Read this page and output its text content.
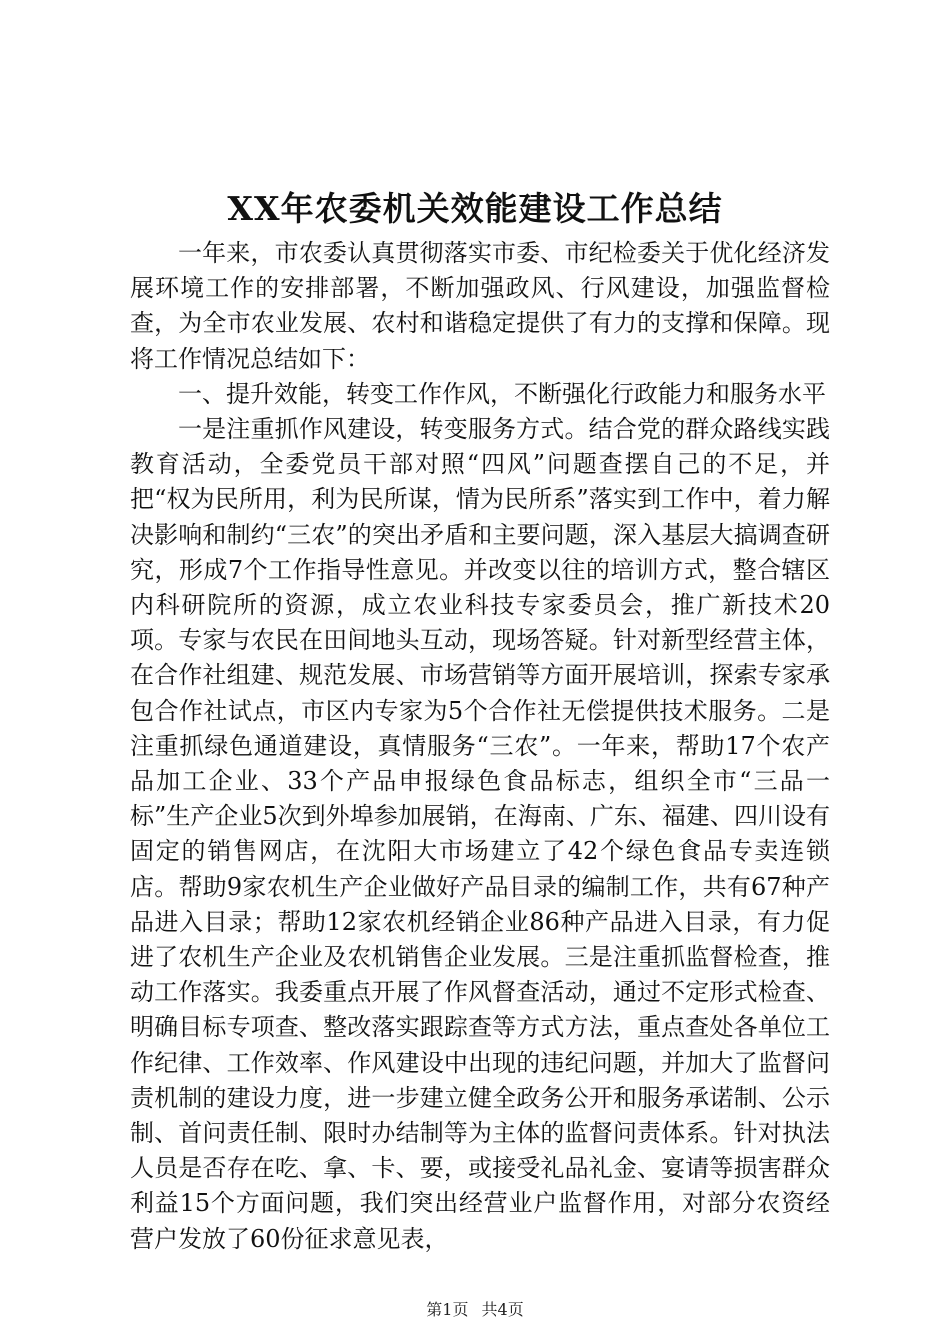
XX年农委机关效能建设工作总结

一年来，市农委认真贯彻落实市委、市纪检委关于优化经济发展环境工作的安排部署，不断加强政风、行风建设，加强监督检查，为全市农业发展、农村和谐稳定提供了有力的支撑和保障。现将工作情况总结如下：

一、提升效能，转变工作作风，不断强化行政能力和服务水平

一是注重抓作风建设，转变服务方式。结合党的群众路线实践教育活动，全委党员干部对照“四风”问题查摆自己的不足，并把“权为民所用，利为民所谋，情为民所系”落实到工作中，着力解决影响和制约“三农”的突出矛盾和主要问题，深入基层大搞调查研究，形成7个工作指导性意见。并改变以往的培训方式，整合辖区内科研院所的资源，成立农业科技专家委员会，推广新技术20项。专家与农民在田间地头互动，现场答疑。针对新型经营主体，在合作社组建、规范发展、市场营销等方面开展培训，探索专家承包合作社试点，市区内专家为5个合作社无偿提供技术服务。二是注重抓绿色通道建设，真情服务“三农”。一年来，帮助17个农产品加工企业、33个产品申报绿色食品标志，组织全市“三品一标”生产企业5次到外埠参加展销，在海南、广东、福建、四川设有固定的销售网店，在沈阳大市场建立了42个绿色食品专卖连锁店。帮助9家农机生产企业做好产品目录的编制工作，共有67种产品进入目录；帮助12家农机经销企业86种产品进入目录，有力促进了农机生产企业及农机销售企业发展。三是注重抓监督检查，推动工作落实。我委重点开展了作风督查活动，通过不定形式检查、明确目标专项查、整改落实跟踪查等方式方法，重点查处各单位工作纪律、工作效率、作风建设中出现的违纪问题，并加大了监督问责机制的建设力度，进一步建立健全政务公开和服务承诺制、公示制、首问责任制、限时办结制等为主体的监督问责体系。针对执法人员是否存在吃、拿、卡、要，或接受礼品礼金、宴请等损害群众利益15个方面问题，我们突出经营业户监督作用，对部分农资经营户发放了60份征求意见表，

第1页 共4页
